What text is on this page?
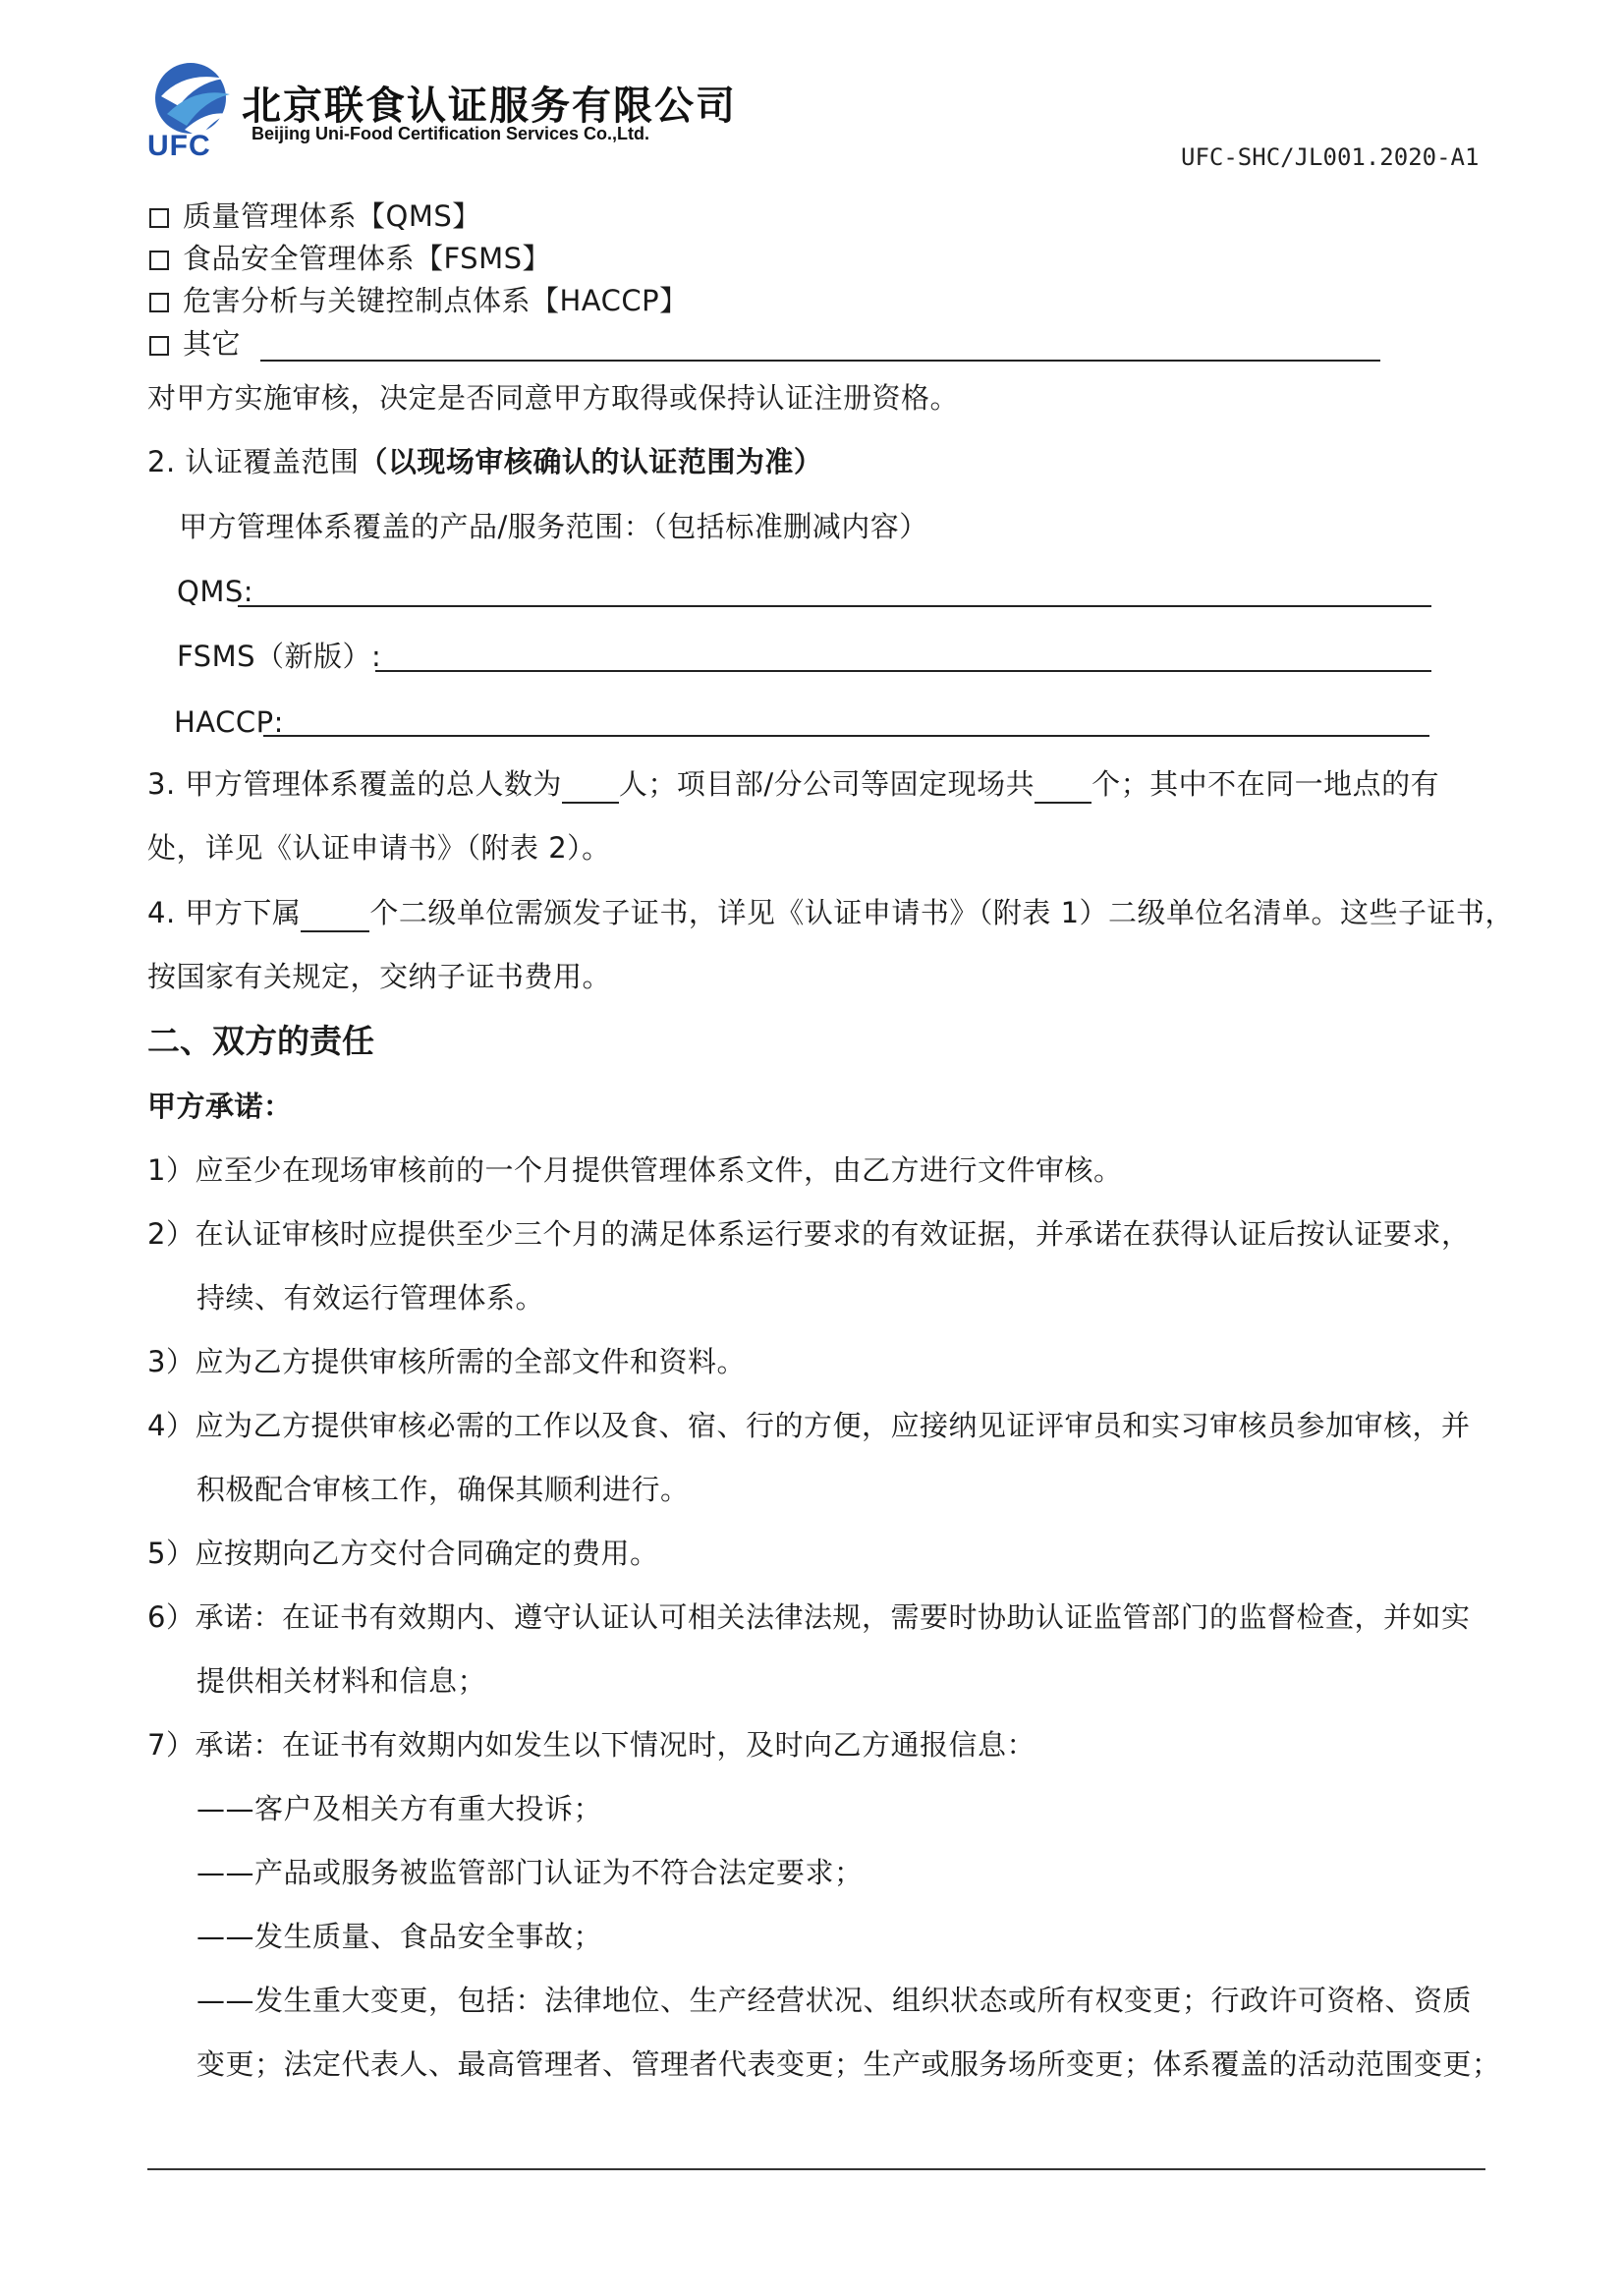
UFC
北京联食认证服务有限公司
Beijing Uni-Food Certification Services Co.,Ltd.
UFC-SHC/JL001.2020-A1
质量管理体系【QMS】
食品安全管理体系【FSMS】
危害分析与关键控制点体系【HACCP】
其它
对甲方实施审核，决定是否同意甲方取得或保持认证注册资格。
2. 认证覆盖范围（以现场审核确认的认证范围为准）
甲方管理体系覆盖的产品/服务范围：（包括标准删减内容）
QMS:
FSMS（新版）:
HACCP:
3. 甲方管理体系覆盖的总人数为 人；项目部/分公司等固定现场共 个；其中不在同一地点的有
处，详见《认证申请书》（附表 2）。
4. 甲方下属 个二级单位需颁发子证书，详见《认证申请书》（附表 1）二级单位名清单。这些子证书，
按国家有关规定，交纳子证书费用。
二、双方的责任
甲方承诺：
1）应至少在现场审核前的一个月提供管理体系文件，由乙方进行文件审核。
2）在认证审核时应提供至少三个月的满足体系运行要求的有效证据，并承诺在获得认证后按认证要求，
持续、有效运行管理体系。
3）应为乙方提供审核所需的全部文件和资料。
4）应为乙方提供审核必需的工作以及食、宿、行的方便，应接纳见证评审员和实习审核员参加审核，并
积极配合审核工作，确保其顺利进行。
5）应按期向乙方交付合同确定的费用。
6）承诺：在证书有效期内、遵守认证认可相关法律法规，需要时协助认证监管部门的监督检查，并如实
提供相关材料和信息；
7）承诺：在证书有效期内如发生以下情况时，及时向乙方通报信息：
——客户及相关方有重大投诉；
——产品或服务被监管部门认证为不符合法定要求；
——发生质量、食品安全事故；
——发生重大变更，包括：法律地位、生产经营状况、组织状态或所有权变更；行政许可资格、资质
变更；法定代表人、最高管理者、管理者代表变更；生产或服务场所变更；体系覆盖的活动范围变更；
